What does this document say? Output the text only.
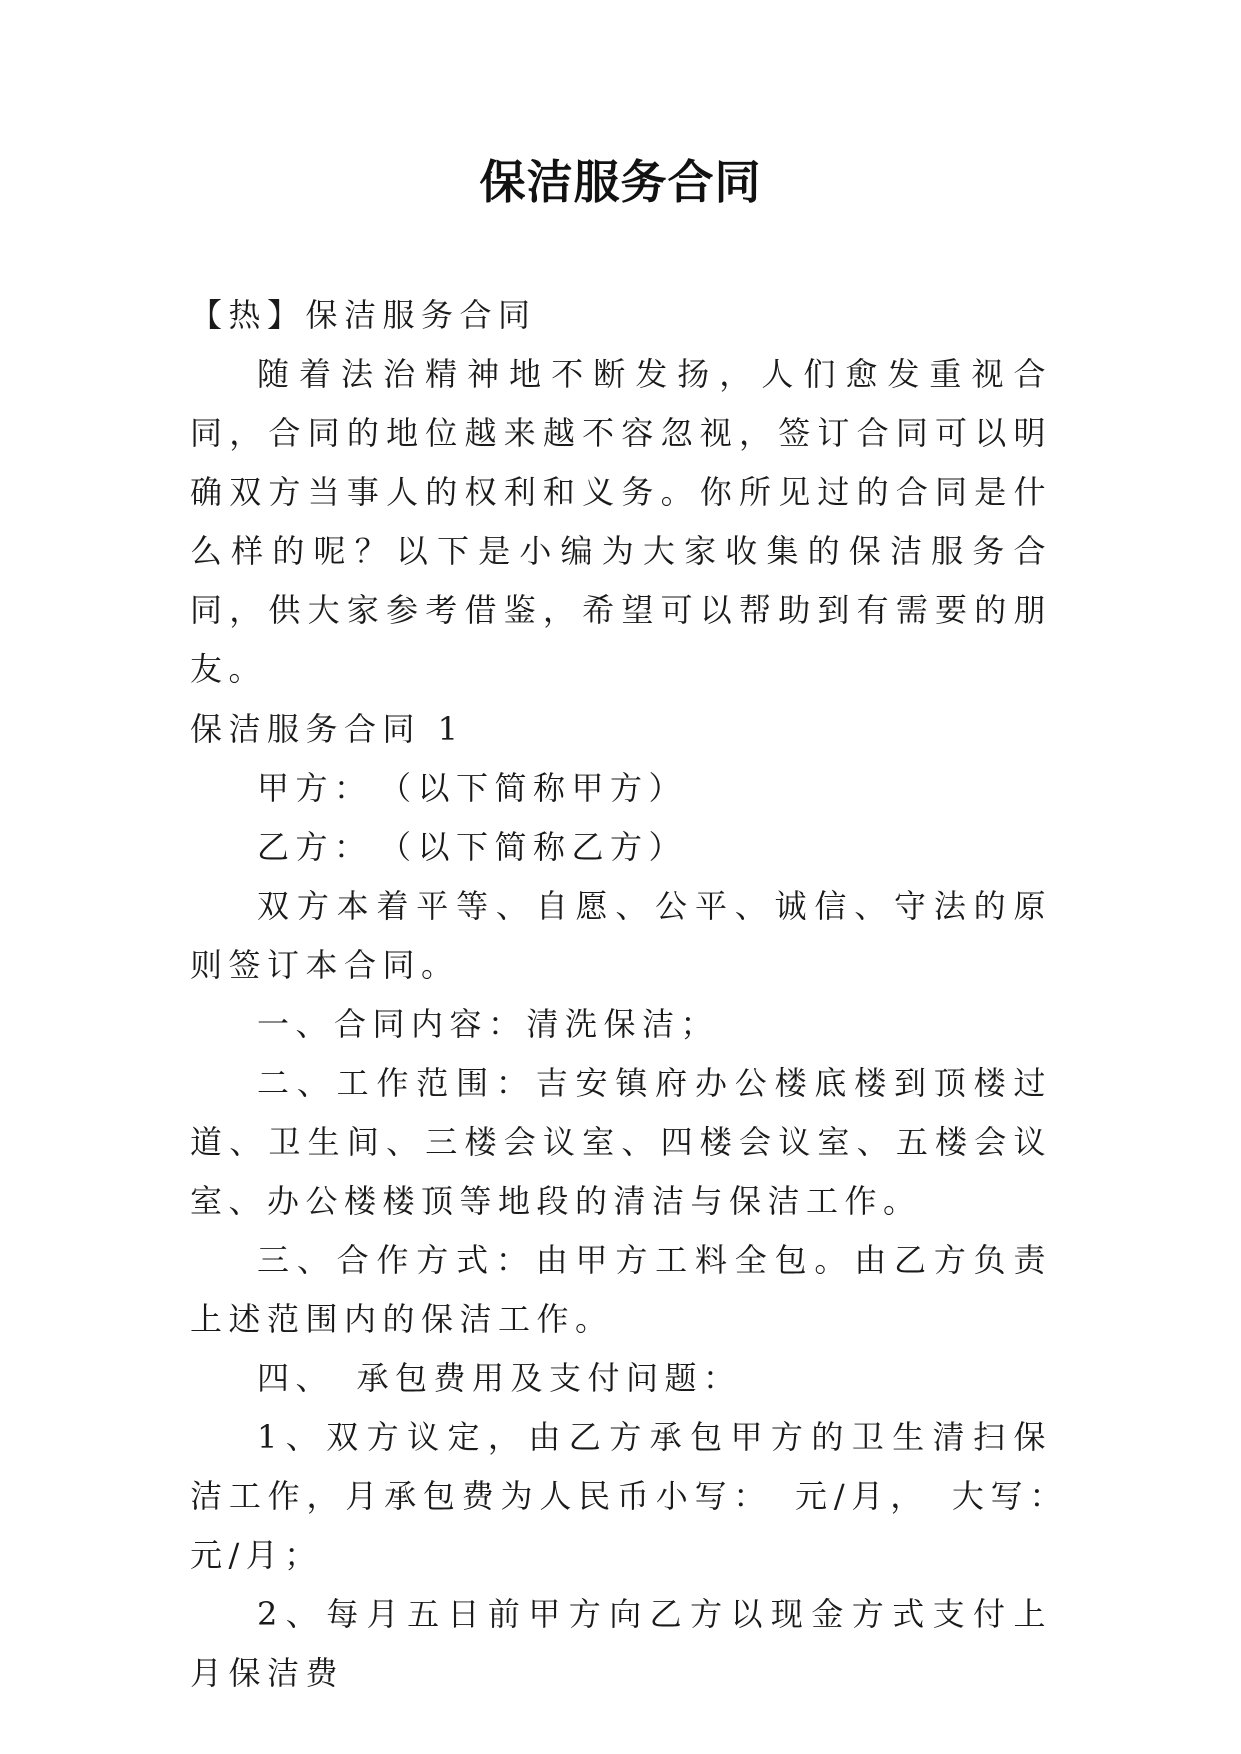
保洁服务合同

【热】保洁服务合同

随着法治精神地不断发扬，人们愈发重视合同，合同的地位越来越不容忽视，签订合同可以明确双方当事人的权利和义务。你所见过的合同是什么样的呢？以下是小编为大家收集的保洁服务合同，供大家参考借鉴，希望可以帮助到有需要的朋友。

保洁服务合同 1

甲方：　（以下简称甲方）

乙方：　（以下简称乙方）

双方本着平等、自愿、公平、诚信、守法的原则签订本合同。

一、合同内容：清洗保洁；

二、工作范围：吉安镇府办公楼底楼到顶楼过道、卫生间、三楼会议室、四楼会议室、五楼会议室、办公楼楼顶等地段的清洁与保洁工作。

三、合作方式：由甲方工料全包。由乙方负责上述范围内的保洁工作。

四、　承包费用及支付问题：

1、双方议定，由乙方承包甲方的卫生清扫保洁工作，月承包费为人民币小写：　元/月，　大写：　元/月；

2、每月五日前甲方向乙方以现金方式支付上月保洁费
